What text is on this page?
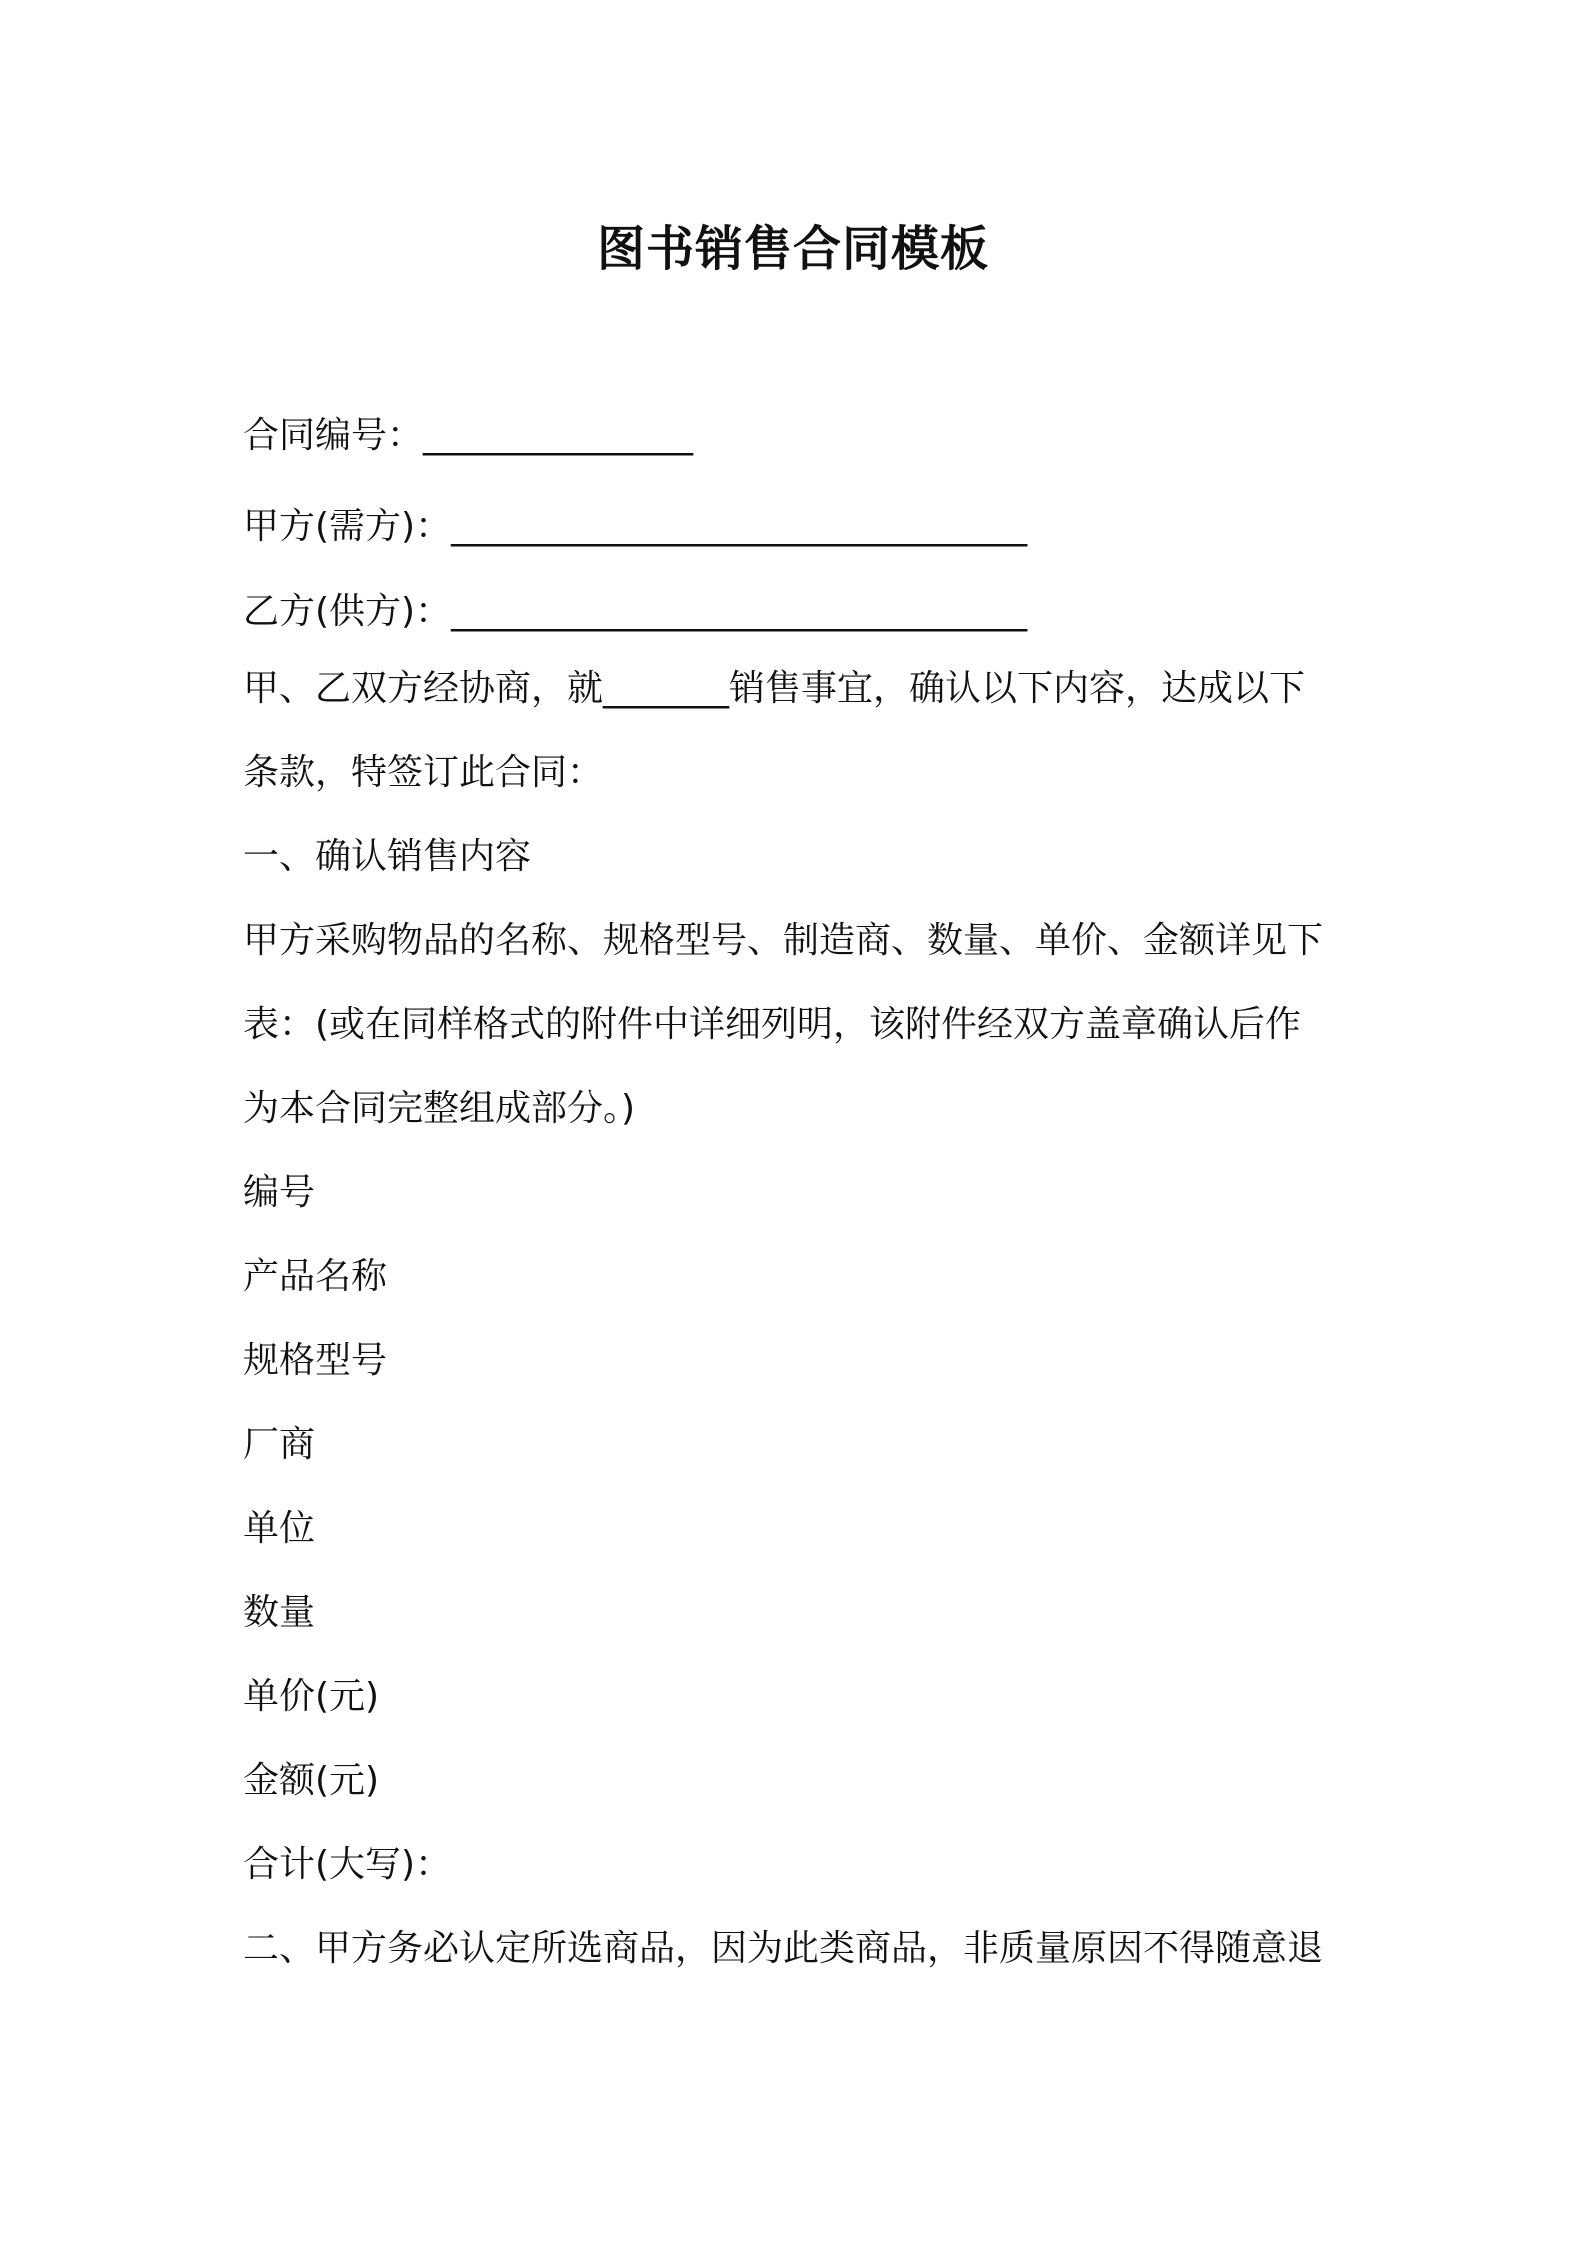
图书销售合同模板
合同编号：_______________
甲方(需方)：________________________________
乙方(供方)：________________________________
甲、乙双方经协商，就_______销售事宜，确认以下内容，达成以下
条款，特签订此合同：
一、确认销售内容
甲方采购物品的名称、规格型号、制造商、数量、单价、金额详见下
表：(或在同样格式的附件中详细列明，该附件经双方盖章确认后作
为本合同完整组成部分。)
编号
产品名称
规格型号
厂商
单位
数量
单价(元)
金额(元)
合计(大写)：
二、甲方务必认定所选商品，因为此类商品，非质量原因不得随意退
